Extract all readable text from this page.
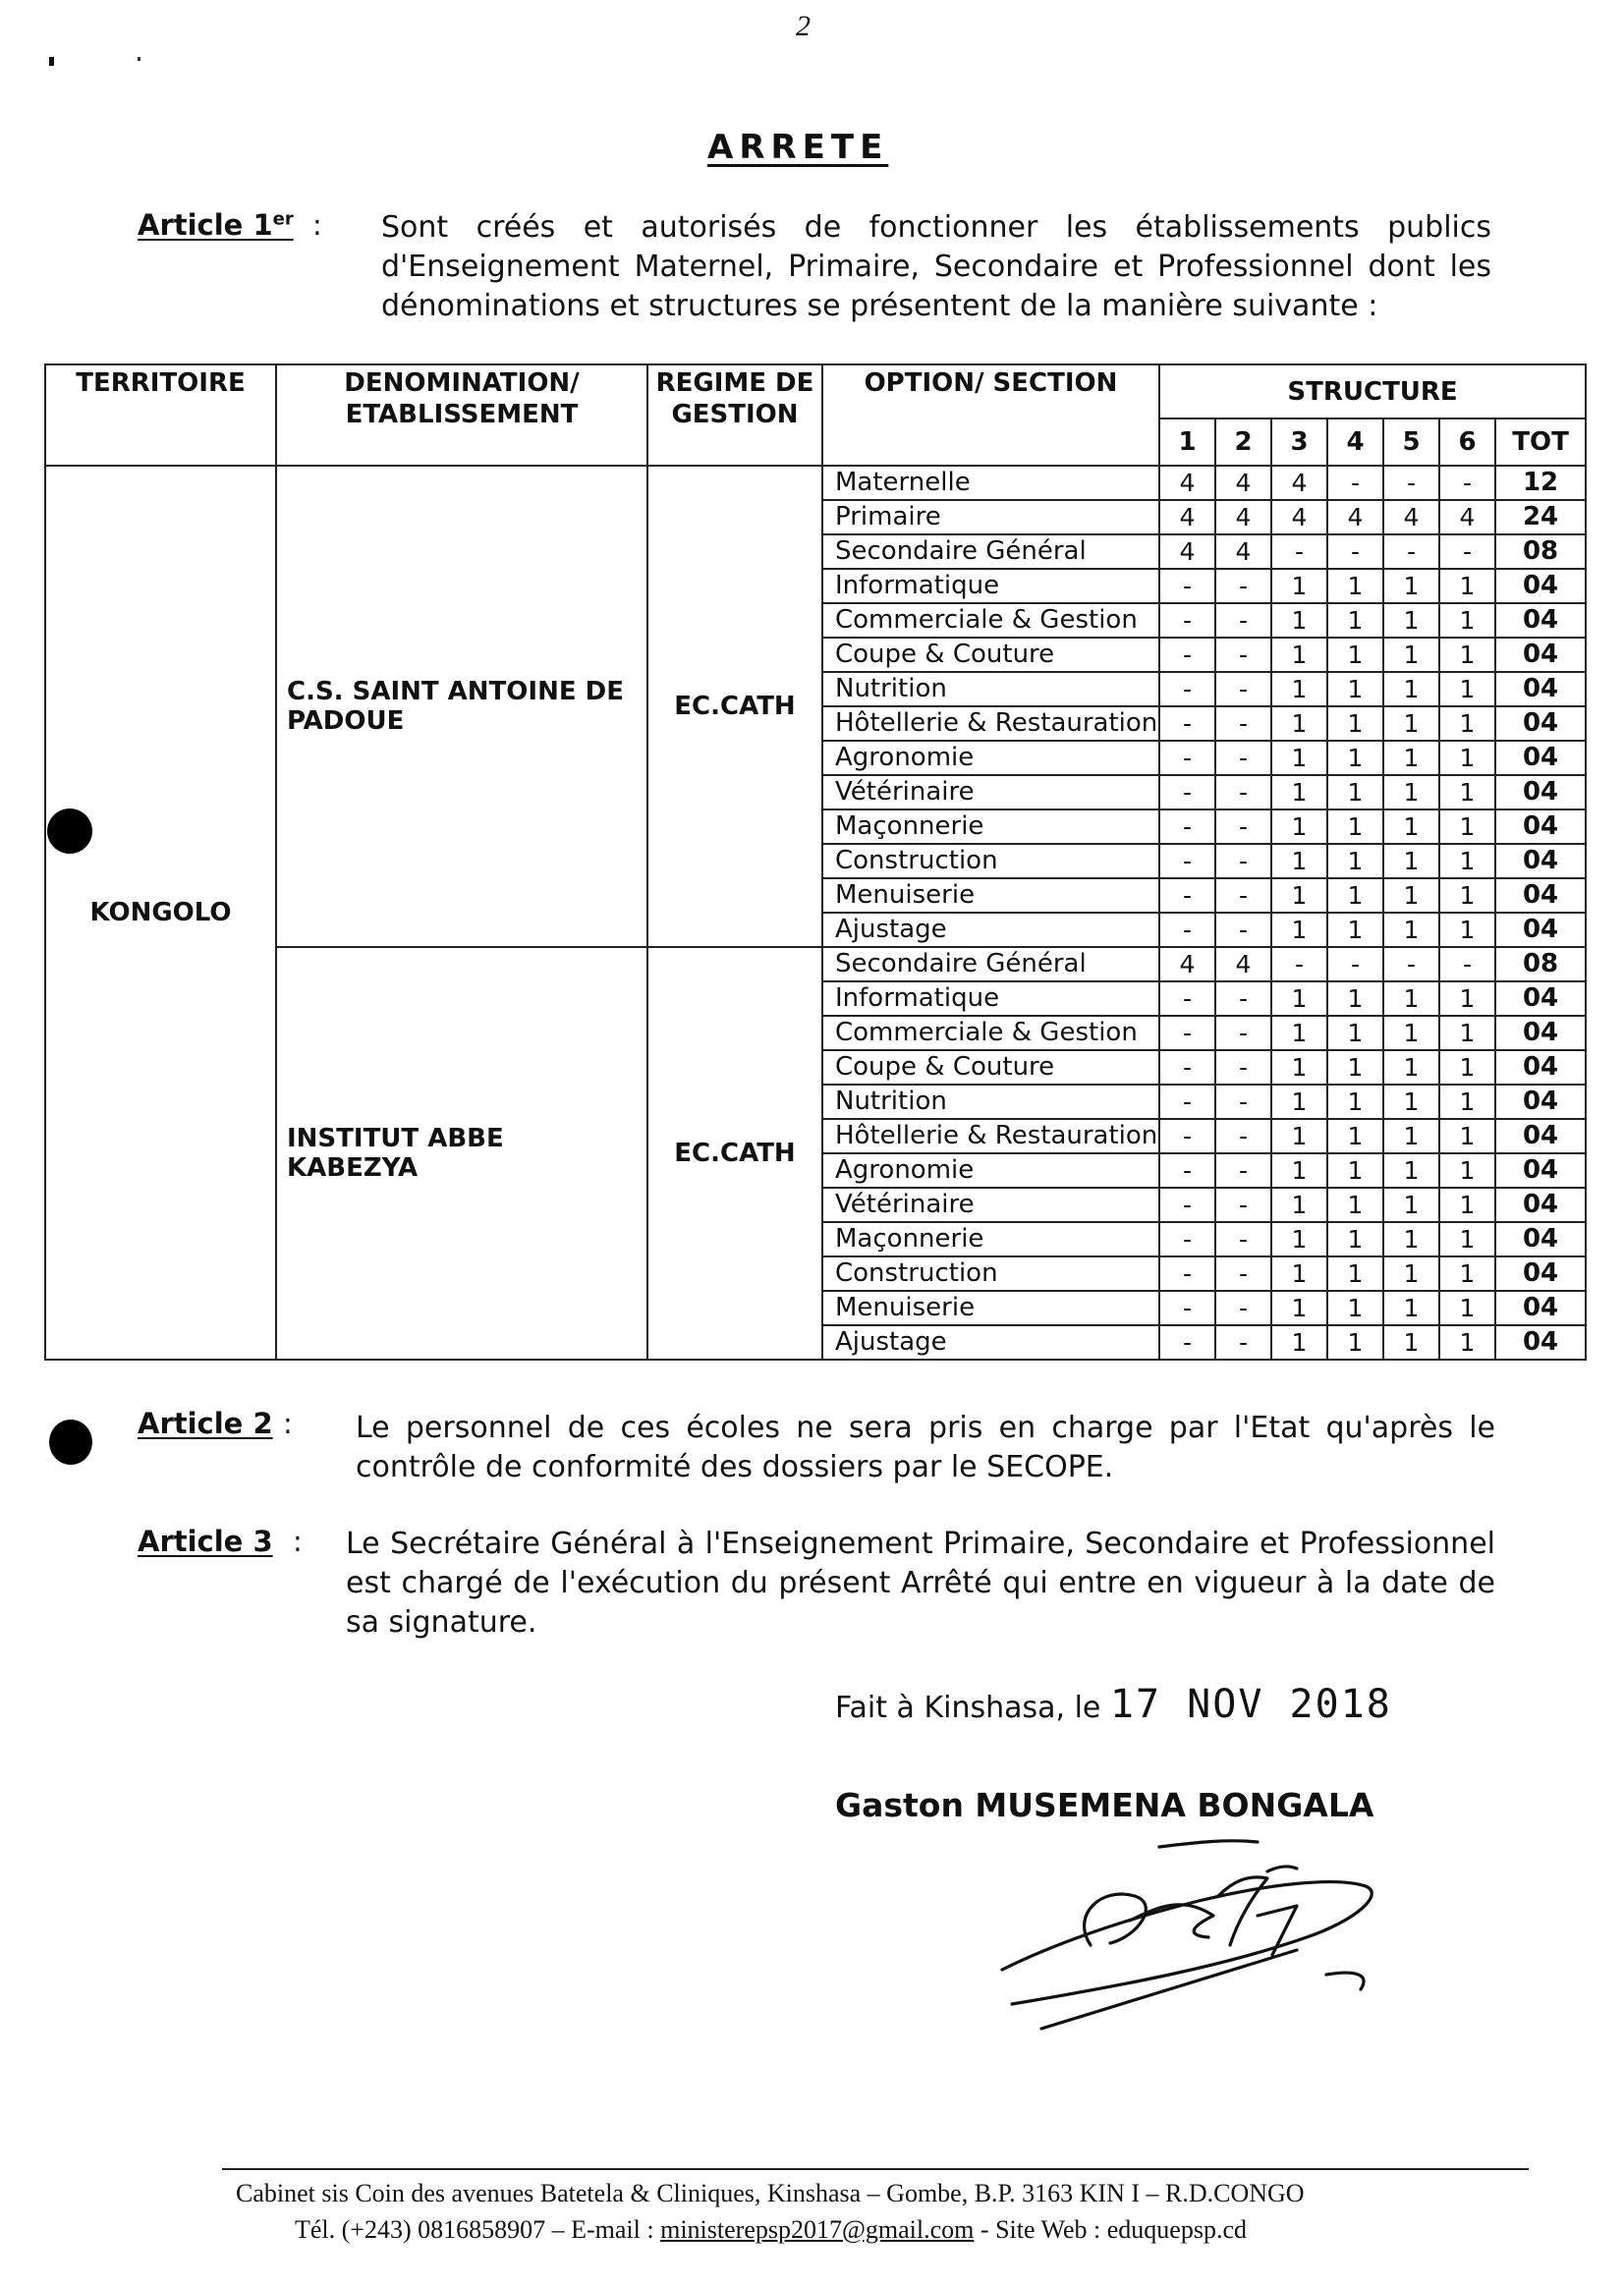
2
ARRETE
Article 1er : Sont créés et autorisés de fonctionner les établissements publics d'Enseignement Maternel, Primaire, Secondaire et Professionnel dont les dénominations et structures se présentent de la manière suivante :
TERRITOIRE	DENOMINATION/ ETABLISSEMENT	REGIME DE GESTION	OPTION/ SECTION	STRUCTURE						
				1	2	3	4	5	6	TOT
KONGOLO	C.S. SAINT ANTOINE DE PADOUE	EC.CATH	Maternelle	4	4	4	-	-	-	12
			Primaire	4	4	4	4	4	4	24
			Secondaire Général	4	4	-	-	-	-	08
			Informatique	-	-	1	1	1	1	04
			Commerciale & Gestion	-	-	1	1	1	1	04
			Coupe & Couture	-	-	1	1	1	1	04
			Nutrition	-	-	1	1	1	1	04
			Hôtellerie & Restauration	-	-	1	1	1	1	04
			Agronomie	-	-	1	1	1	1	04
			Vétérinaire	-	-	1	1	1	1	04
			Maçonnerie	-	-	1	1	1	1	04
			Construction	-	-	1	1	1	1	04
			Menuiserie	-	-	1	1	1	1	04
			Ajustage	-	-	1	1	1	1	04
	INSTITUT ABBE KABEZYA	EC.CATH	Secondaire Général	4	4	-	-	-	-	08
			Informatique	-	-	1	1	1	1	04
			Commerciale & Gestion	-	-	1	1	1	1	04
			Coupe & Couture	-	-	1	1	1	1	04
			Nutrition	-	-	1	1	1	1	04
			Hôtellerie & Restauration	-	-	1	1	1	1	04
			Agronomie	-	-	1	1	1	1	04
			Vétérinaire	-	-	1	1	1	1	04
			Maçonnerie	-	-	1	1	1	1	04
			Construction	-	-	1	1	1	1	04
			Menuiserie	-	-	1	1	1	1	04
			Ajustage	-	-	1	1	1	1	04
Article 2 : Le personnel de ces écoles ne sera pris en charge par l'Etat qu'après le contrôle de conformité des dossiers par le SECOPE.
Article 3 : Le Secrétaire Général à l'Enseignement Primaire, Secondaire et Professionnel est chargé de l'exécution du présent Arrêté qui entre en vigueur à la date de sa signature.
Fait à Kinshasa, le 17 NOV 2018
Gaston MUSEMENA BONGALA
Cabinet sis Coin des avenues Batetela & Cliniques, Kinshasa – Gombe, B.P. 3163 KIN I – R.D.CONGO
Tél. (+243) 0816858907 – E-mail : ministerepsp2017@gmail.com - Site Web : eduquepsp.cd
